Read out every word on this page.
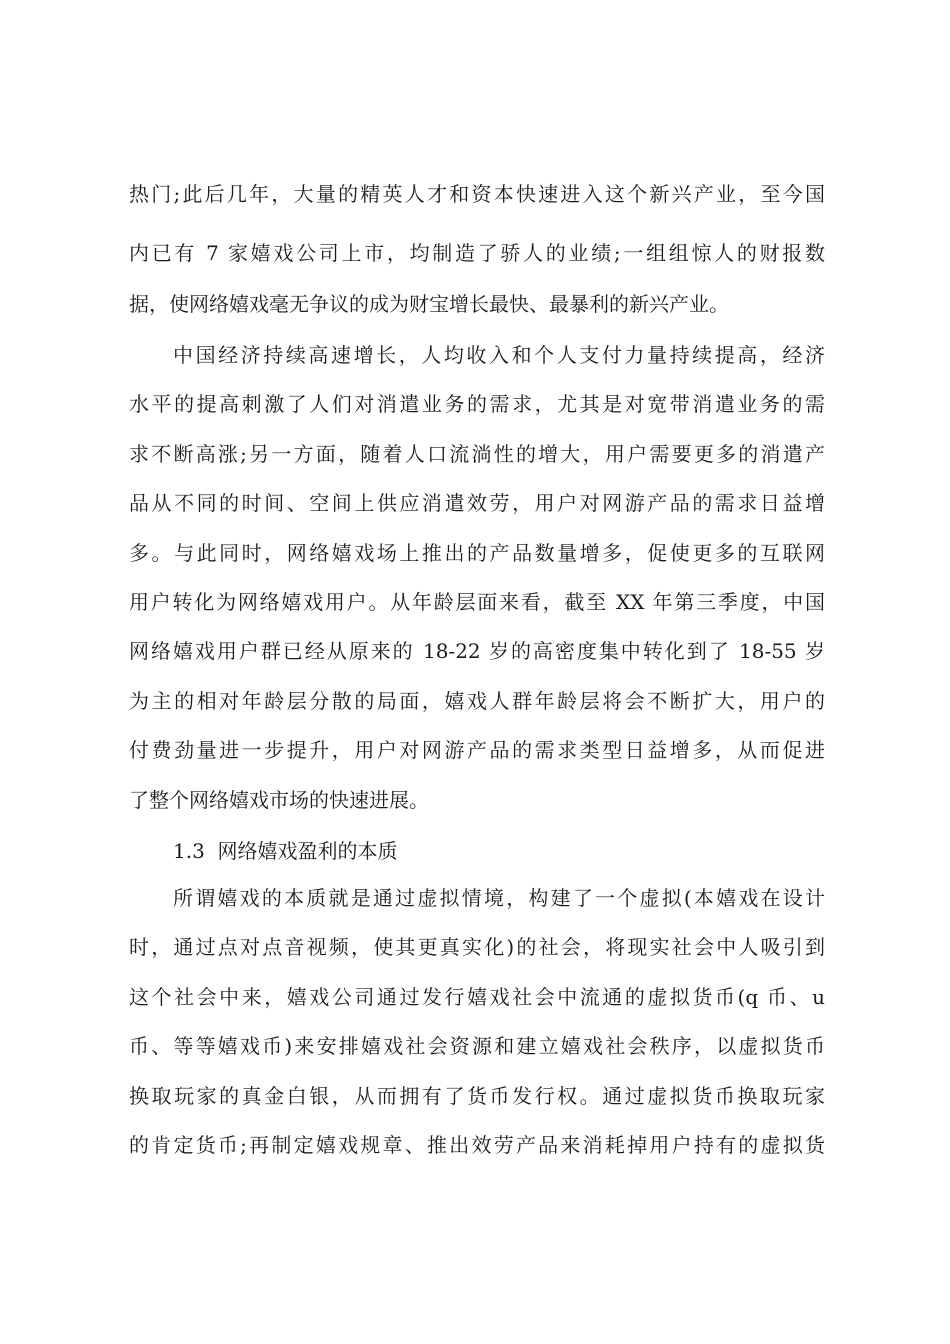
热门;此后几年，大量的精英人才和资本快速进入这个新兴产业，至今国
内已有 7 家嬉戏公司上市，均制造了骄人的业绩;一组组惊人的财报数
据，使网络嬉戏毫无争议的成为财宝增长最快、最暴利的新兴产业。
中国经济持续高速增长，人均收入和个人支付力量持续提高，经济
水平的提高刺激了人们对消遣业务的需求，尤其是对宽带消遣业务的需
求不断高涨;另一方面，随着人口流淌性的增大，用户需要更多的消遣产
品从不同的时间、空间上供应消遣效劳，用户对网游产品的需求日益增
多。与此同时，网络嬉戏场上推出的产品数量增多，促使更多的互联网
用户转化为网络嬉戏用户。从年龄层面来看，截至 XX 年第三季度，中国
网络嬉戏用户群已经从原来的 18-22 岁的高密度集中转化到了 18-55 岁
为主的相对年龄层分散的局面，嬉戏人群年龄层将会不断扩大，用户的
付费劲量进一步提升，用户对网游产品的需求类型日益增多，从而促进
了整个网络嬉戏市场的快速进展。
1.3  网络嬉戏盈利的本质
所谓嬉戏的本质就是通过虚拟情境，构建了一个虚拟(本嬉戏在设计
时，通过点对点音视频，使其更真实化)的社会，将现实社会中人吸引到
这个社会中来，嬉戏公司通过发行嬉戏社会中流通的虚拟货币(q 币、u
币、等等嬉戏币)来安排嬉戏社会资源和建立嬉戏社会秩序，以虚拟货币
换取玩家的真金白银，从而拥有了货币发行权。通过虚拟货币换取玩家
的肯定货币;再制定嬉戏规章、推出效劳产品来消耗掉用户持有的虚拟货
